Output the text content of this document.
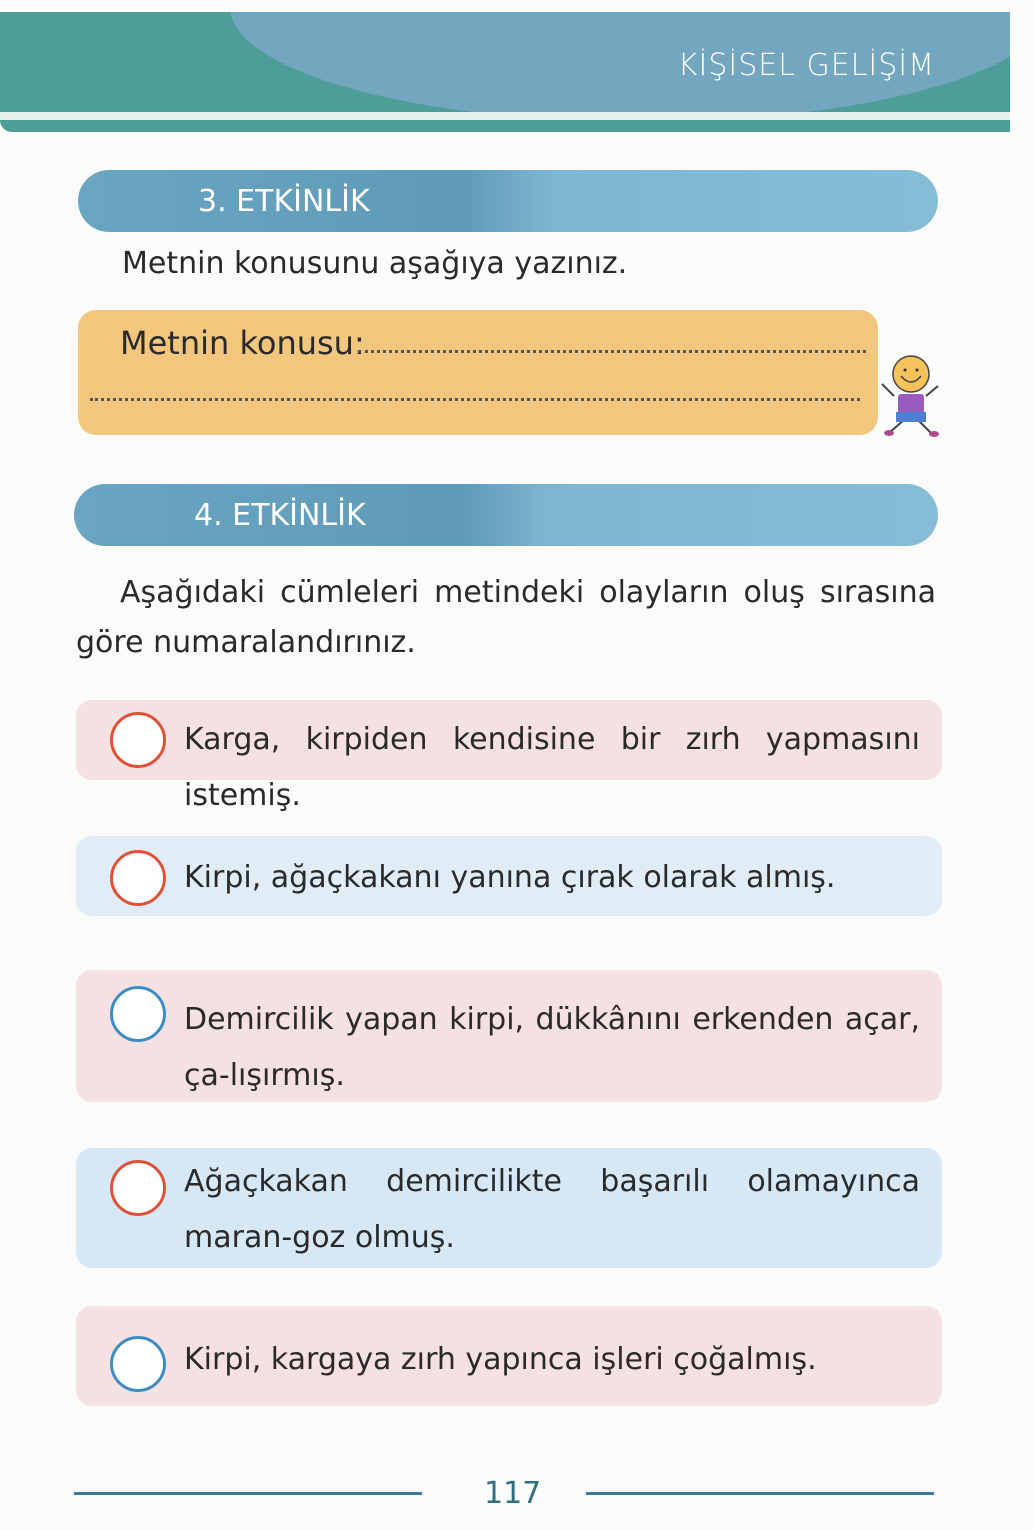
KİŞİSEL GELİŞİM
3. ETKİNLİK
Metnin konusunu aşağıya yazınız.
Metnin konusu:
4. ETKİNLİK
Aşağıdaki cümleleri metindeki olayların oluş sırasına göre numaralandırınız.
Karga, kirpiden kendisine bir zırh yapmasını istemiş.
Kirpi, ağaçkakanı yanına çırak olarak almış.
Demircilik yapan kirpi, dükkânını erkenden açar, ça-lışırmış.
Ağaçkakan demircilikte başarılı olamayınca maran-goz olmuş.
Kirpi, kargaya zırh yapınca işleri çoğalmış.
117
